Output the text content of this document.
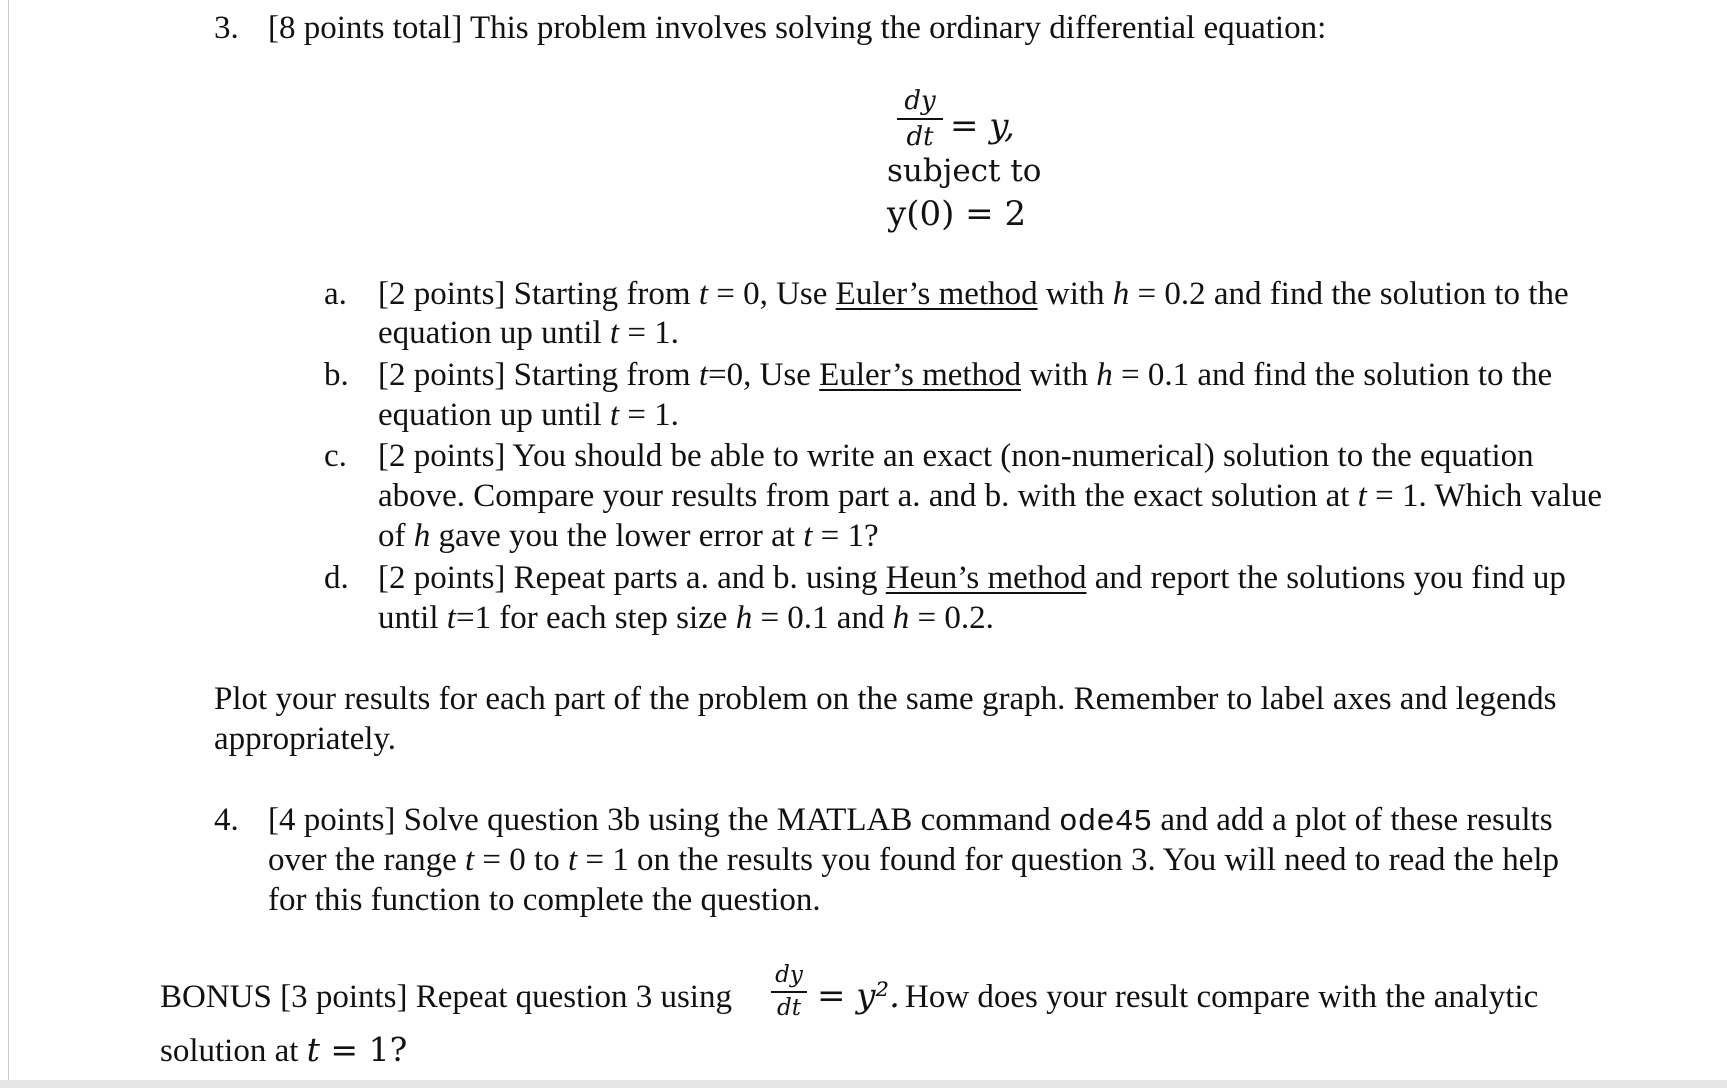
3. [8 points total] This problem involves solving the ordinary differential equation:
dy
dt = y,
subject to
y(0) = 2
a. [2 points] Starting from t = 0, Use Euler’s method with h = 0.2 and find the solution to the
equation up until t = 1.
b. [2 points] Starting from t=0, Use Euler’s method with h = 0.1 and find the solution to the
equation up until t = 1.
c. [2 points] You should be able to write an exact (non-numerical) solution to the equation
above. Compare your results from part a. and b. with the exact solution at t = 1. Which value
of h gave you the lower error at t = 1?
d. [2 points] Repeat parts a. and b. using Heun’s method and report the solutions you find up
until t=1 for each step size h = 0.1 and h = 0.2.
Plot your results for each part of the problem on the same graph. Remember to label axes and legends
appropriately.
4. [4 points] Solve question 3b using the MATLAB command ode45 and add a plot of these results
over the range t = 0 to t = 1 on the results you found for question 3. You will need to read the help
for this function to complete the question.
BONUS [3 points] Repeat question 3 using
dy
dt = y². How does your result compare with the analytic
solution at t = 1?
